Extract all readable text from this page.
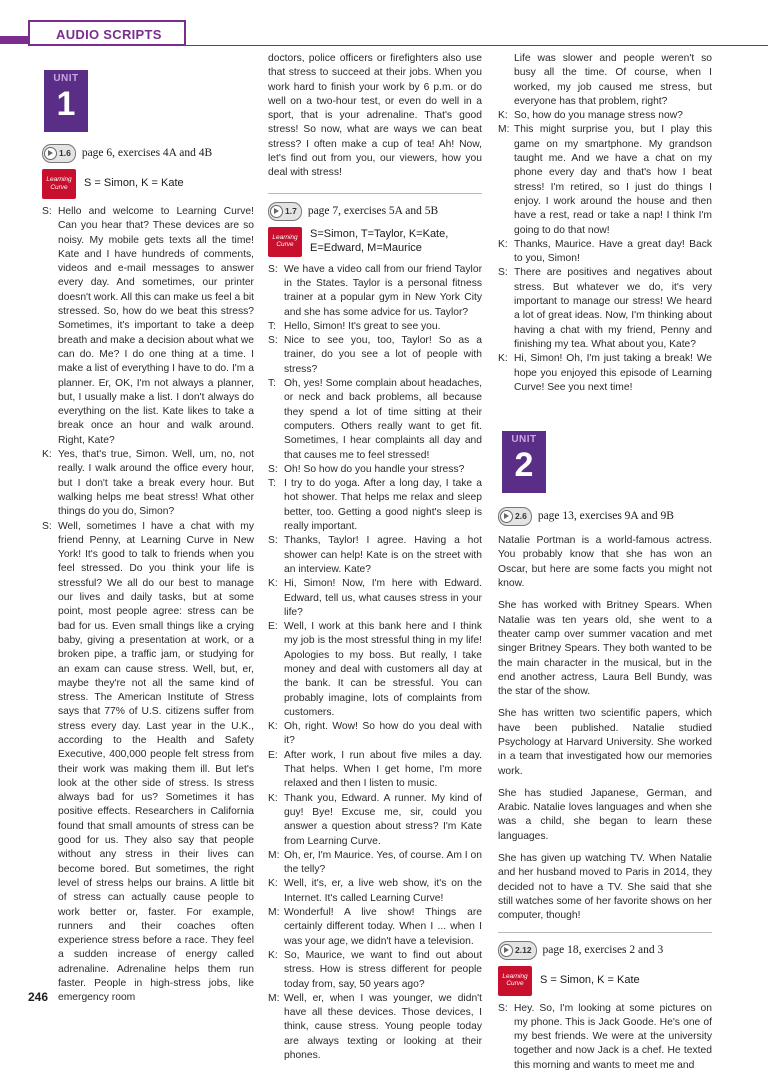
AUDIO SCRIPTS
UNIT
1
1.6 page 6, exercises 4A and 4B
Learning Curve	S = Simon, K = Kate
S: Hello and welcome to Learning Curve! Can you hear that? These devices are so noisy. My mobile gets texts all the time! Kate and I have hundreds of comments, videos and e-mail messages to answer every day. And sometimes, our printer doesn't work. All this can make us feel a bit stressed. So, how do we beat this stress? Sometimes, it's important to take a deep breath and make a decision about what we can do. Me? I do one thing at a time. I make a list of everything I have to do. I'm a planner. Er, OK, I'm not always a planner, but, I usually make a list. I don't always do everything on the list. Kate likes to take a break once an hour and walk around. Right, Kate?
K: Yes, that's true, Simon. Well, um, no, not really. I walk around the office every hour, but I don't take a break every hour. But walking helps me beat stress! What other things do you do, Simon?
S: Well, sometimes I have a chat with my friend Penny, at Learning Curve in New York! It's good to talk to friends when you feel stressed. Do you think your life is stressful? We all do our best to manage our lives and daily tasks, but at some point, most people agree: stress can be bad for us. Even small things like a crying baby, giving a presentation at work, or a broken pipe, a traffic jam, or studying for an exam can cause stress. Well, but, er, maybe they're not all the same kind of stress. The American Institute of Stress says that 77% of U.S. citizens suffer from stress every day. Last year in the U.K., according to the Health and Safety Executive, 400,000 people felt stress from their work was making them ill. But let's look at the other side of stress. Is stress always bad for us? Sometimes it has positive effects. Researchers in California found that small amounts of stress can be good for us. They also say that people without any stress in their lives can become bored. But sometimes, the right level of stress helps our brains. A little bit of stress can actually cause people to work better or, faster. For example, runners and their coaches often experience stress before a race. They feel a sudden increase of energy called adrenaline. Adrenaline helps them run faster. People in high-stress jobs, like emergency room
doctors, police officers or firefighters also use that stress to succeed at their jobs. When you work hard to finish your work by 6 p.m. or do well on a two-hour test, or even do well in a sport, that is your adrenaline. That's good stress! So now, what are ways we can beat stress? I often make a cup of tea! Ah! Now, let's find out from you, our viewers, how you deal with stress!
1.7 page 7, exercises 5A and 5B
Learning Curve
S=Simon, T=Taylor, K=Kate, E=Edward, M=Maurice
S: We have a video call from our friend Taylor in the States. Taylor is a personal fitness trainer at a popular gym in New York City and she has some advice for us. Taylor?
T: Hello, Simon! It's great to see you.
S: Nice to see you, too, Taylor! So as a trainer, do you see a lot of people with stress?
T: Oh, yes! Some complain about headaches, or neck and back problems, all because they spend a lot of time sitting at their computers. Others really want to get fit. Sometimes, I hear complaints all day and that causes me to feel stressed!
S: Oh! So how do you handle your stress?
T: I try to do yoga. After a long day, I take a hot shower. That helps me relax and sleep better, too. Getting a good night's sleep is really important.
S: Thanks, Taylor! I agree. Having a hot shower can help! Kate is on the street with an interview. Kate?
K: Hi, Simon! Now, I'm here with Edward. Edward, tell us, what causes stress in your life?
E: Well, I work at this bank here and I think my job is the most stressful thing in my life! Apologies to my boss. But really, I take money and deal with customers all day at the bank. It can be stressful. You can probably imagine, lots of complaints from customers.
K: Oh, right. Wow! So how do you deal with it?
E: After work, I run about five miles a day. That helps. When I get home, I'm more relaxed and then I listen to music.
K: Thank you, Edward. A runner. My kind of guy! Bye! Excuse me, sir, could you answer a question about stress? I'm Kate from Learning Curve.
M: Oh, er, I'm Maurice. Yes, of course. Am I on the telly?
K: Well, it's, er, a live web show, it's on the Internet. It's called Learning Curve!
M: Wonderful! A live show! Things are certainly different today. When I ... when I was your age, we didn't have a television.
K: So, Maurice, we want to find out about stress. How is stress different for people today from, say, 50 years ago?
M: Well, er, when I was younger, we didn't have all these devices. Those devices, I think, cause stress. Young people today are always texting or looking at their phones.
Life was slower and people weren't so busy all the time. Of course, when I worked, my job caused me stress, but everyone has that problem, right?
K: So, how do you manage stress now?
M: This might surprise you, but I play this game on my smartphone. My grandson taught me. And we have a chat on my phone every day and that's how I beat stress! I'm retired, so I just do things I enjoy. I work around the house and then have a rest, read or take a nap! I think I'm going to do that now!
K: Thanks, Maurice. Have a great day! Back to you, Simon!
S: There are positives and negatives about stress. But whatever we do, it's very important to manage our stress! We heard a lot of great ideas. Now, I'm thinking about having a chat with my friend, Penny and finishing my tea. What about you, Kate?
K: Hi, Simon! Oh, I'm just taking a break! We hope you enjoyed this episode of Learning Curve! See you next time!
UNIT
2
2.6 page 13, exercises 9A and 9B
Natalie Portman is a world-famous actress. You probably know that she has won an Oscar, but here are some facts you might not know.
She has worked with Britney Spears. When Natalie was ten years old, she went to a theater camp over summer vacation and met singer Britney Spears. They both wanted to be the main character in the musical, but in the end another actress, Laura Bell Bundy, was the star of the show.
She has written two scientific papers, which have been published. Natalie studied Psychology at Harvard University. She worked in a team that investigated how our memories work.
She has studied Japanese, German, and Arabic. Natalie loves languages and when she was a child, she began to learn these languages.
She has given up watching TV. When Natalie and her husband moved to Paris in 2014, they decided not to have a TV. She said that she still watches some of her favorite shows on her computer, though!
2.12 page 18, exercises 2 and 3
Learning Curve	S = Simon, K = Kate
S: Hey. So, I'm looking at some pictures on my phone. This is Jack Goode. He's one of my best friends. We were at the university together and now Jack is a chef. He texted this morning and wants to meet me and
246
